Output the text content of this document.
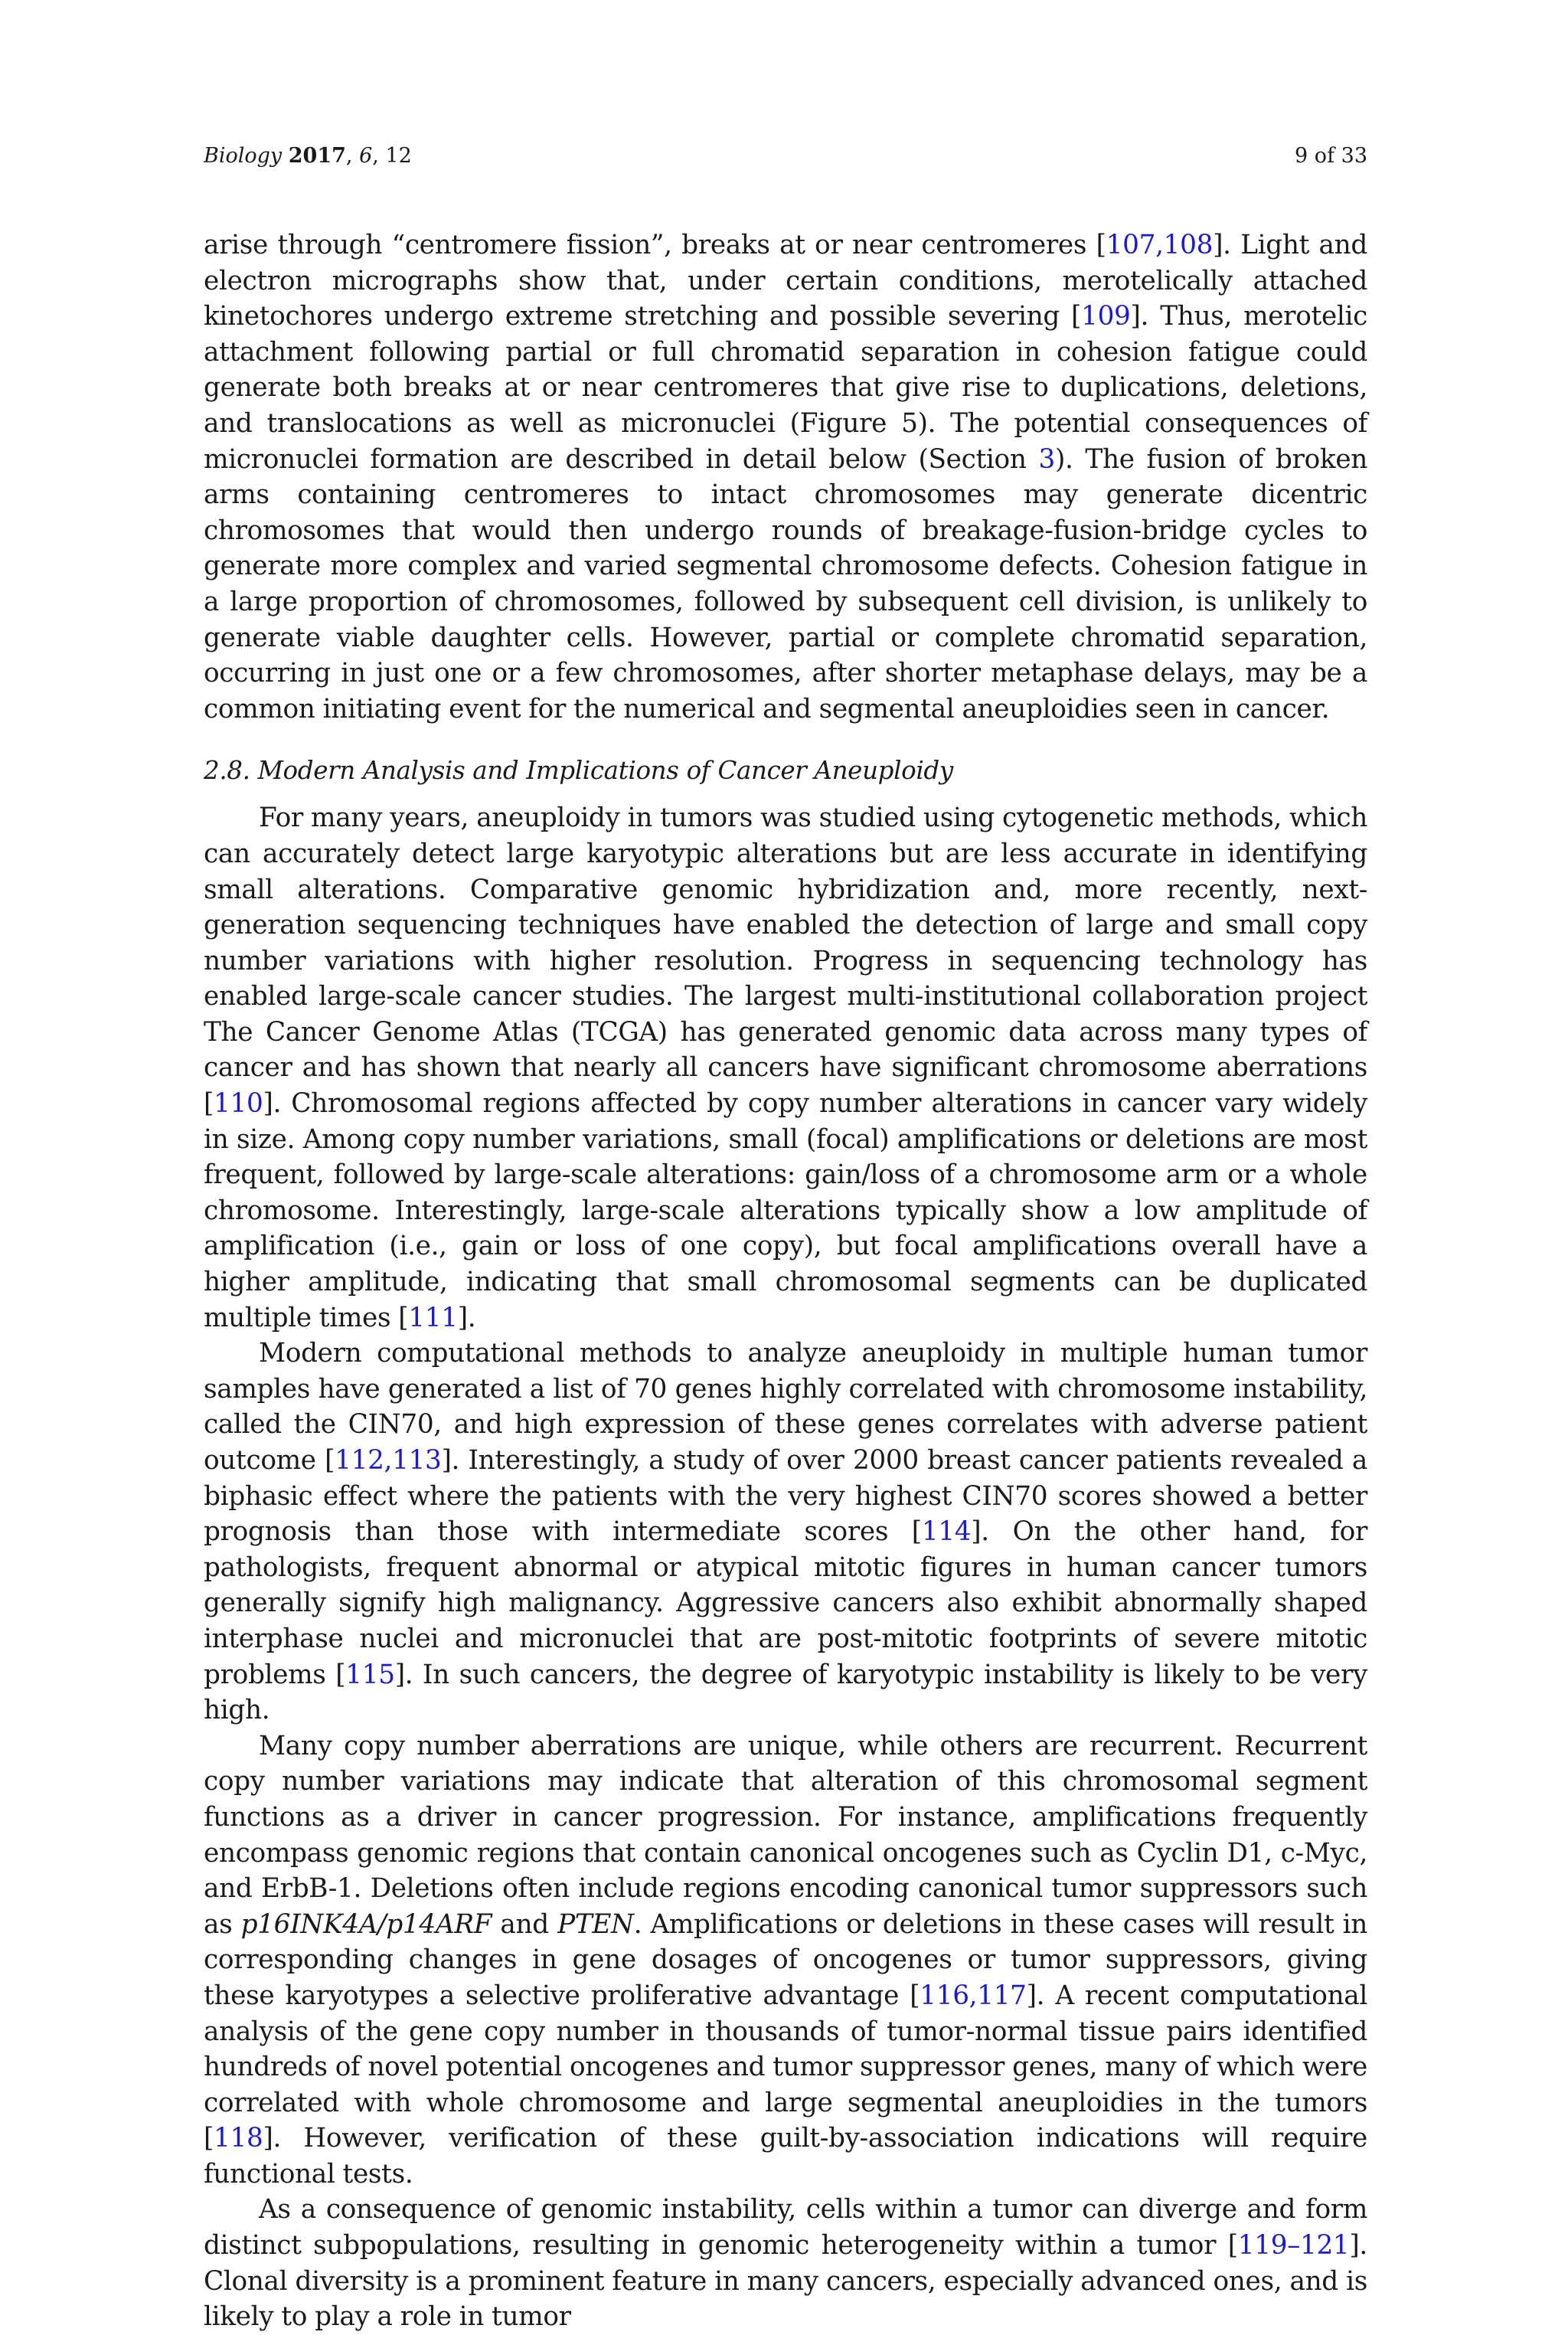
Biology 2017, 6, 12	9 of 33

arise through “centromere fission”, breaks at or near centromeres [107,108]. Light and electron micrographs show that, under certain conditions, merotelically attached kinetochores undergo extreme stretching and possible severing [109]. Thus, merotelic attachment following partial or full chromatid separation in cohesion fatigue could generate both breaks at or near centromeres that give rise to duplications, deletions, and translocations as well as micronuclei (Figure 5). The potential consequences of micronuclei formation are described in detail below (Section 3). The fusion of broken arms containing centromeres to intact chromosomes may generate dicentric chromosomes that would then undergo rounds of breakage-fusion-bridge cycles to generate more complex and varied segmental chromosome defects. Cohesion fatigue in a large proportion of chromosomes, followed by subsequent cell division, is unlikely to generate viable daughter cells. However, partial or complete chromatid separation, occurring in just one or a few chromosomes, after shorter metaphase delays, may be a common initiating event for the numerical and segmental aneuploidies seen in cancer.

2.8. Modern Analysis and Implications of Cancer Aneuploidy

For many years, aneuploidy in tumors was studied using cytogenetic methods, which can accurately detect large karyotypic alterations but are less accurate in identifying small alterations. Comparative genomic hybridization and, more recently, next-generation sequencing techniques have enabled the detection of large and small copy number variations with higher resolution. Progress in sequencing technology has enabled large-scale cancer studies. The largest multi-institutional collaboration project The Cancer Genome Atlas (TCGA) has generated genomic data across many types of cancer and has shown that nearly all cancers have significant chromosome aberrations [110]. Chromosomal regions affected by copy number alterations in cancer vary widely in size. Among copy number variations, small (focal) amplifications or deletions are most frequent, followed by large-scale alterations: gain/loss of a chromosome arm or a whole chromosome. Interestingly, large-scale alterations typically show a low amplitude of amplification (i.e., gain or loss of one copy), but focal amplifications overall have a higher amplitude, indicating that small chromosomal segments can be duplicated multiple times [111].

Modern computational methods to analyze aneuploidy in multiple human tumor samples have generated a list of 70 genes highly correlated with chromosome instability, called the CIN70, and high expression of these genes correlates with adverse patient outcome [112,113]. Interestingly, a study of over 2000 breast cancer patients revealed a biphasic effect where the patients with the very highest CIN70 scores showed a better prognosis than those with intermediate scores [114]. On the other hand, for pathologists, frequent abnormal or atypical mitotic figures in human cancer tumors generally signify high malignancy. Aggressive cancers also exhibit abnormally shaped interphase nuclei and micronuclei that are post-mitotic footprints of severe mitotic problems [115]. In such cancers, the degree of karyotypic instability is likely to be very high.

Many copy number aberrations are unique, while others are recurrent. Recurrent copy number variations may indicate that alteration of this chromosomal segment functions as a driver in cancer progression. For instance, amplifications frequently encompass genomic regions that contain canonical oncogenes such as Cyclin D1, c-Myc, and ErbB-1. Deletions often include regions encoding canonical tumor suppressors such as p16INK4A/p14ARF and PTEN. Amplifications or deletions in these cases will result in corresponding changes in gene dosages of oncogenes or tumor suppressors, giving these karyotypes a selective proliferative advantage [116,117]. A recent computational analysis of the gene copy number in thousands of tumor-normal tissue pairs identified hundreds of novel potential oncogenes and tumor suppressor genes, many of which were correlated with whole chromosome and large segmental aneuploidies in the tumors [118]. However, verification of these guilt-by-association indications will require functional tests.

As a consequence of genomic instability, cells within a tumor can diverge and form distinct subpopulations, resulting in genomic heterogeneity within a tumor [119–121]. Clonal diversity is a prominent feature in many cancers, especially advanced ones, and is likely to play a role in tumor
